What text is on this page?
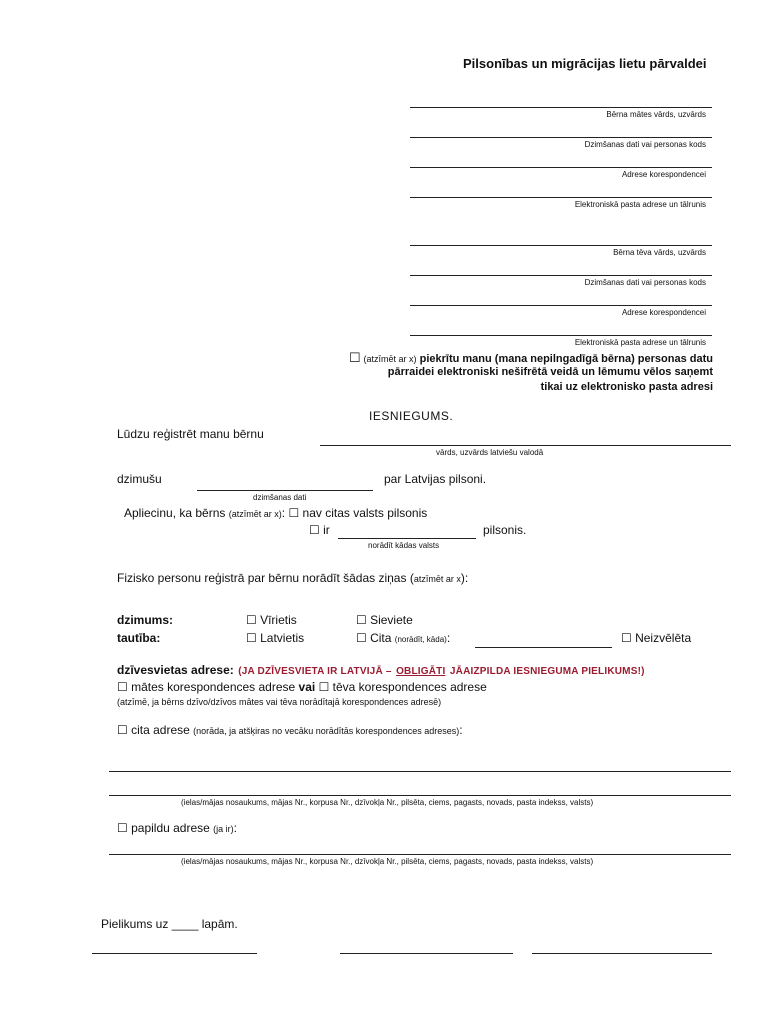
Pilsonības un migrācijas lietu pārvaldei
Bērna mātes vārds, uzvārds
Dzimšanas dati vai personas kods
Adrese korespondencei
Elektroniskā pasta adrese un tālrunis
Bērna tēva vārds, uzvārds
Dzimšanas dati vai personas kods
Adrese korespondencei
Elektroniskā pasta adrese un tālrunis
☐ (atzīmēt ar x) piekrītu manu (mana nepilngadīgā bērna) personas datu
pārraidei elektroniski nešifrētā veidā un lēmumu vēlos saņemt
tikai uz elektronisko pasta adresi
IESNIEGUMS.
Lūdzu reģistrēt manu bērnu
vārds, uzvārds latviešu valodā
dzimušu
dzimšanas dati
par Latvijas pilsoni.
Apliecinu, ka bērns (atzīmēt ar x): ☐ nav citas valsts pilsonis
☐ ir	pilsonis.
norādīt kādas valsts
Fizisko personu reģistrā par bērnu norādīt šādas ziņas (atzīmēt ar x):
dzimums:	☐ Vīrietis	☐ Sieviete
tautība:	☐ Latvietis	☐ Cita (norādīt, kāda):	☐ Neizvēlēta
dzīvesvietas adrese: (JA DZĪVESVIETA IR LATVIJĀ – OBLIGĀTI JĀAIZPILDA IESNIEGUMA PIELIKUMS!)
☐ mātes korespondences adrese vai ☐ tēva korespondences adrese
(atzīmē, ja bērns dzīvo/dzīvos mātes vai tēva norādītajā korespondences adresē)
☐ cita adrese (norāda, ja atšķiras no vecāku norādītās korespondences adreses):
(ielas/mājas nosaukums, mājas Nr., korpusa Nr., dzīvokļa Nr., pilsēta, ciems, pagasts, novads, pasta indekss, valsts)
☐ papildu adrese (ja ir):
(ielas/mājas nosaukums, mājas Nr., korpusa Nr., dzīvokļa Nr., pilsēta, ciems, pagasts, novads, pasta indekss, valsts)
Pielikums uz ____ lapām.
